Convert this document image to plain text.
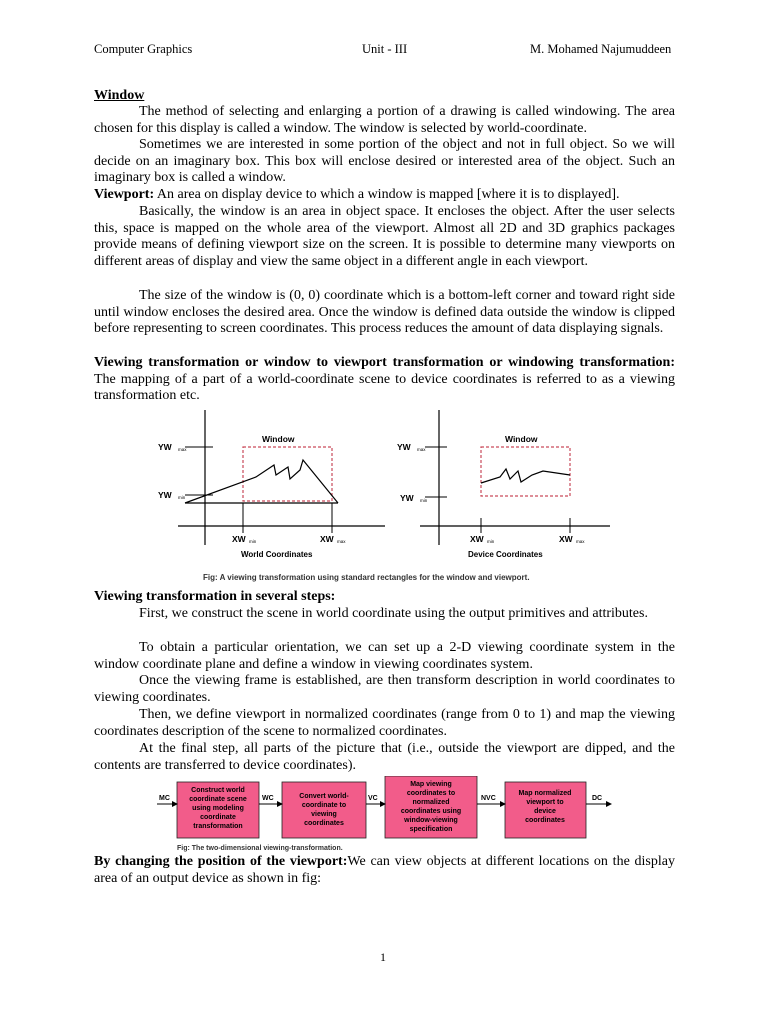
Computer Graphics	Unit - III	M. Mohamed Najumuddeen

Window

The method of selecting and enlarging a portion of a drawing is called windowing. The area chosen for this display is called a window. The window is selected by world-coordinate.

Sometimes we are interested in some portion of the object and not in full object. So we will decide on an imaginary box. This box will enclose desired or interested area of the object. Such an imaginary box is called a window.

Viewport: An area on display device to which a window is mapped [where it is to displayed].

Basically, the window is an area in object space. It encloses the object. After the user selects this, space is mapped on the whole area of the viewport. Almost all 2D and 3D graphics packages provide means of defining viewport size on the screen. It is possible to determine many viewports on different areas of display and view the same object in a different angle in each viewport.

The size of the window is (0, 0) coordinate which is a bottom-left corner and toward right side until window encloses the desired area. Once the window is defined data outside the window is clipped before representing to screen coordinates. This process reduces the amount of data displaying signals.

Viewing transformation or window to viewport transformation or windowing transformation: The mapping of a part of a world-coordinate scene to device coordinates is referred to as a viewing transformation etc.

Window
YW max
YW min
XW min	XW max
World Coordinates
Window
YW max
YW min
XW min	XW max
Device Coordinates
Fig: A viewing transformation using standard rectangles for the window and viewport.

Viewing transformation in several steps:

First, we construct the scene in world coordinate using the output primitives and attributes.

To obtain a particular orientation, we can set up a 2-D viewing coordinate system in the window coordinate plane and define a window in viewing coordinates system.

Once the viewing frame is established, are then transform description in world coordinates to viewing coordinates.

Then, we define viewport in normalized coordinates (range from 0 to 1) and map the viewing coordinates description of the scene to normalized coordinates.

At the final step, all parts of the picture that (i.e., outside the viewport are dipped, and the contents are transferred to device coordinates).

MC	WC	VC	NVC	DC
Construct world
coordinate scene
using modeling
coordinate
transformation
Convert world-
coordinate to
viewing
coordinates
Map viewing
coordinates to
normalized
coordinates using
window-viewing
specification
Map normalized
viewport to
device
coordinates
Fig: The two-dimensional viewing-transformation.

By changing the position of the viewport:We can view objects at different locations on the display area of an output device as shown in fig:

1
